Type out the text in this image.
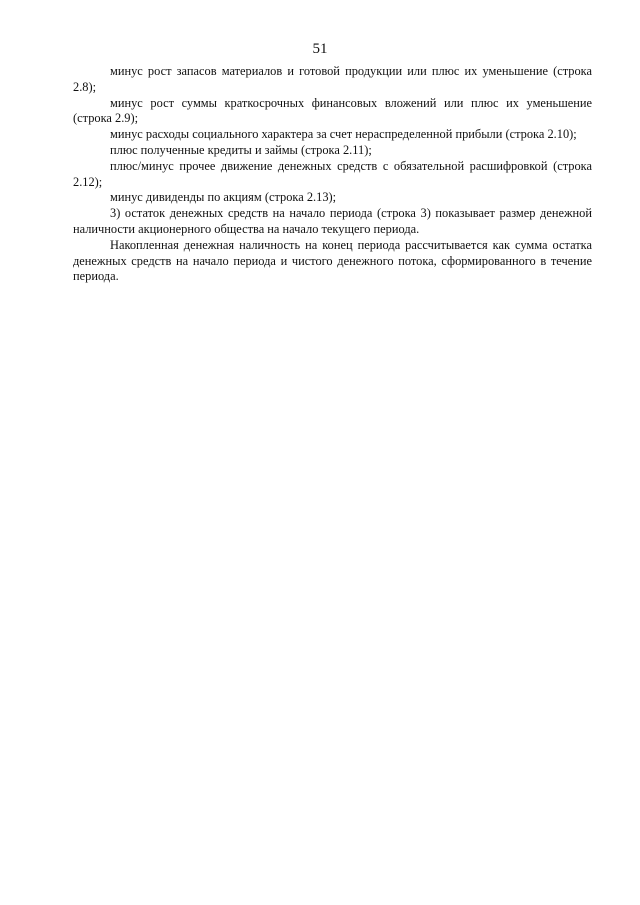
51

минус рост запасов материалов и готовой продукции или плюс их уменьшение (строка 2.8);

минус рост суммы краткосрочных финансовых вложений или плюс их уменьшение (строка 2.9);

минус расходы социального характера за счет нераспределенной прибыли (строка 2.10);

плюс полученные кредиты и займы (строка 2.11);

плюс/минус прочее движение денежных средств с обязательной расшифровкой (строка 2.12);

минус дивиденды по акциям (строка 2.13);

3) остаток денежных средств на начало периода (строка 3) показывает размер денежной наличности акционерного общества на начало текущего периода.

Накопленная денежная наличность на конец периода рассчитывается как сумма остатка денежных средств на начало периода и чистого денежного потока, сформированного в течение периода.
